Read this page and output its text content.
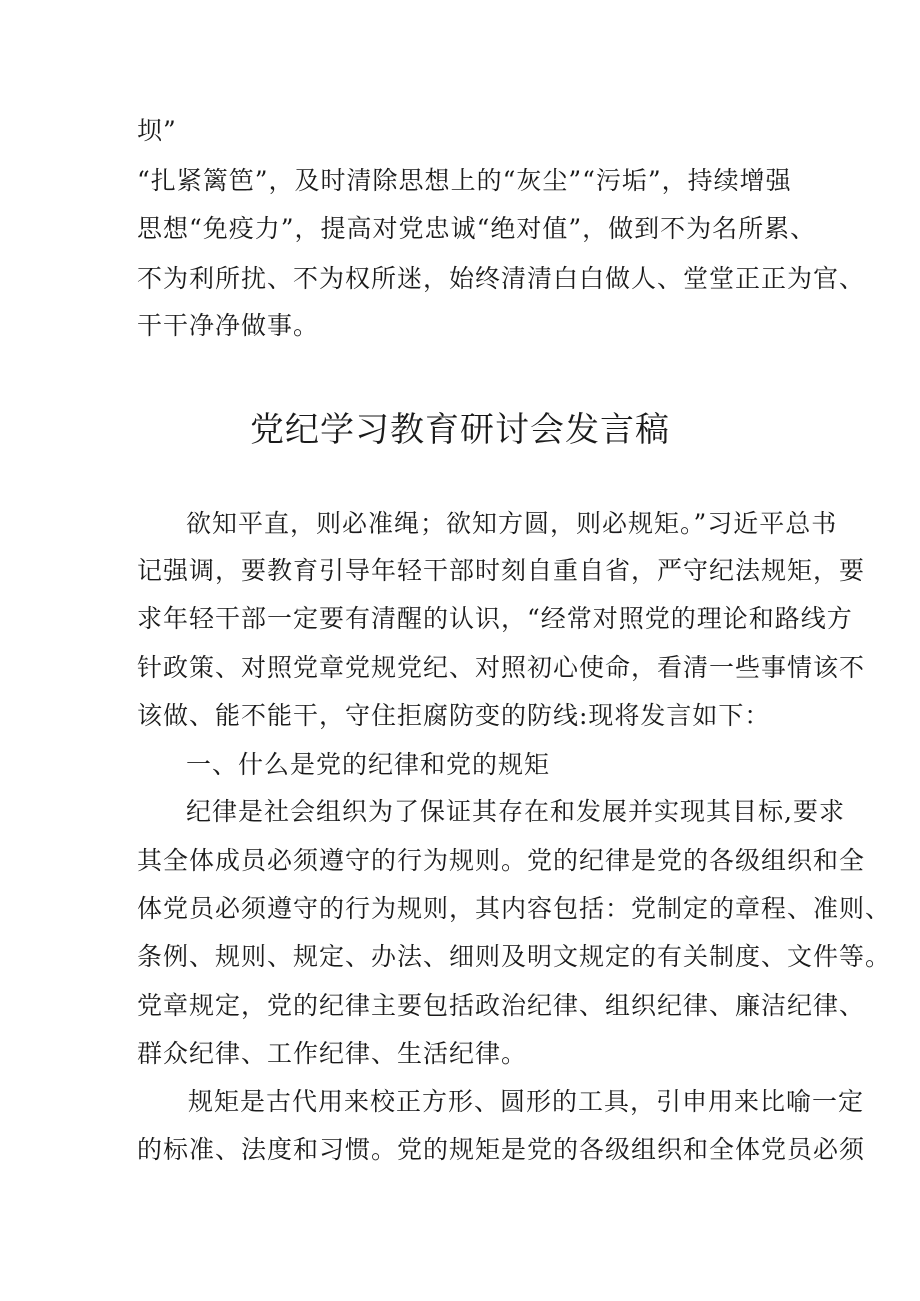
坝”
“扎紧篱笆”，及时清除思想上的“灰尘”“污垢”，持续增强
思想“免疫力”，提高对党忠诚“绝对值”，做到不为名所累、
不为利所扰、不为权所迷，始终清清白白做人、堂堂正正为官、
干干净净做事。
党纪学习教育研讨会发言稿
欲知平直，则必准绳；欲知方圆，则必规矩。”习近平总书
记强调，要教育引导年轻干部时刻自重自省，严守纪法规矩，要
求年轻干部一定要有清醒的认识，“经常对照党的理论和路线方
针政策、对照党章党规党纪、对照初心使命，看清一些事情该不
该做、能不能干，守住拒腐防变的防线:现将发言如下：
一、什么是党的纪律和党的规矩
纪律是社会组织为了保证其存在和发展并实现其目标,要求
其全体成员必须遵守的行为规则。党的纪律是党的各级组织和全
体党员必须遵守的行为规则，其内容包括：党制定的章程、准则、
条例、规则、规定、办法、细则及明文规定的有关制度、文件等。
党章规定，党的纪律主要包括政治纪律、组织纪律、廉洁纪律、
群众纪律、工作纪律、生活纪律。
规矩是古代用来校正方形、圆形的工具，引申用来比喻一定
的标准、法度和习惯。党的规矩是党的各级组织和全体党员必须
